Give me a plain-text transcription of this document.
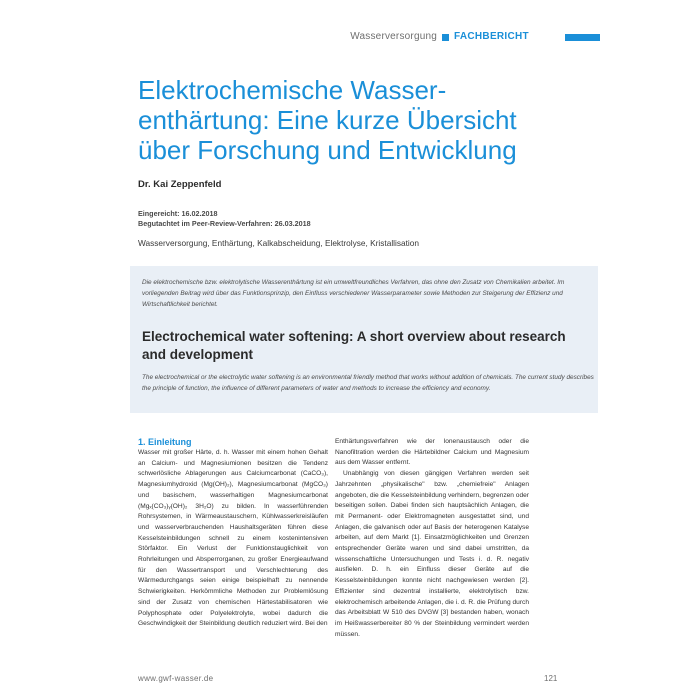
Wasserversorgung FACHBERICHT
Elektrochemische Wasser-
enthärtung: Eine kurze Übersicht
über Forschung und Entwicklung
Dr. Kai Zeppenfeld
Eingereicht: 16.02.2018
Begutachtet im Peer-Review-Verfahren: 26.03.2018
Wasserversorgung, Enthärtung, Kalkabscheidung, Elektrolyse, Kristallisation

Die elektrochemische bzw. elektrolytische Wasserenthärtung ist ein umweltfreundliches Verfahren, das ohne den Zusatz von Chemikalien arbeitet. Im vorliegenden Beitrag wird über das Funktionsprinzip, den Einfluss verschiedener Wasserparameter sowie Methoden zur Steigerung der Effizienz und Wirtschaftlichkeit berichtet.

Electrochemical water softening: A short overview about research and development

The electrochemical or the electrolytic water softening is an environmental friendly method that works without addition of chemicals. The current study describes the principle of function, the influence of different parameters of water and methods to increase the efficiency and economy.

1. Einleitung

Wasser mit großer Härte, d. h. Wasser mit einem hohen Gehalt an Calcium- und Magnesiumionen besitzen die Tendenz schwerlösliche Ablagerungen aus Calciumcarbonat (CaCO₃), Magnesiumhydroxid (Mg(OH)₂), Magnesiumcarbonat (MgCO₃) und basischem, wasserhaltigen Magnesiumcarbonat (Mgₓ(CO₃)ᵧ(OH)₂ 3H₂O) zu bilden. In wasserführenden Rohrsystemen, in Wärmeaustauschern, Kühlwasserkreisläufen und wasserverbrauchenden Haushaltsgeräten führen diese Kesselsteinbildungen schnell zu einem kostenintensiven Störfaktor. Ein Verlust der Funktionstauglichkeit von Rohrleitungen und Absperrorganen, zu großer Energieaufwand für den Wassertransport und Verschlechterung des Wärmedurchgangs seien einige beispielhaft zu nennende Schwierigkeiten. Herkömmliche Methoden zur Problemlösung sind der Zusatz von chemischen Härtestabilisatoren wie Polyphosphate oder Polyelektrolyte, wobei dadurch die Geschwindigkeit der Steinbildung deutlich reduziert wird. Bei den

Enthärtungsverfahren wie der Ionenaustausch oder die Nanofiltration werden die Härtebildner Calcium und Magnesium aus dem Wasser entfernt.

Unabhängig von diesen gängigen Verfahren werden seit Jahrzehnten „physikalische" bzw. „chemiefreie" Anlagen angeboten, die die Kesselsteinbildung verhindern, begrenzen oder beseitigen sollen. Dabei finden sich hauptsächlich Anlagen, die mit Permanent- oder Elektromagneten ausgestattet sind, und Anlagen, die galvanisch oder auf Basis der heterogenen Katalyse arbeiten, auf dem Markt [1]. Einsatzmöglichkeiten und Grenzen entsprechender Geräte waren und sind dabei umstritten, da wissenschaftliche Untersuchungen und Tests i. d. R. negativ ausfielen. D. h. ein Einfluss dieser Geräte auf die Kesselsteinbildungen konnte nicht nachgewiesen werden [2]. Effizienter sind dezentral installierte, elektrolytisch bzw. elektrochemisch arbeitende Anlagen, die i. d. R. die Prüfung durch das Arbeitsblatt W 510 des DVGW [3] bestanden haben, wonach im Heißwasserbereiter 80 % der Steinbildung vermindert werden müssen.

www.gwf-wasser.de	121
